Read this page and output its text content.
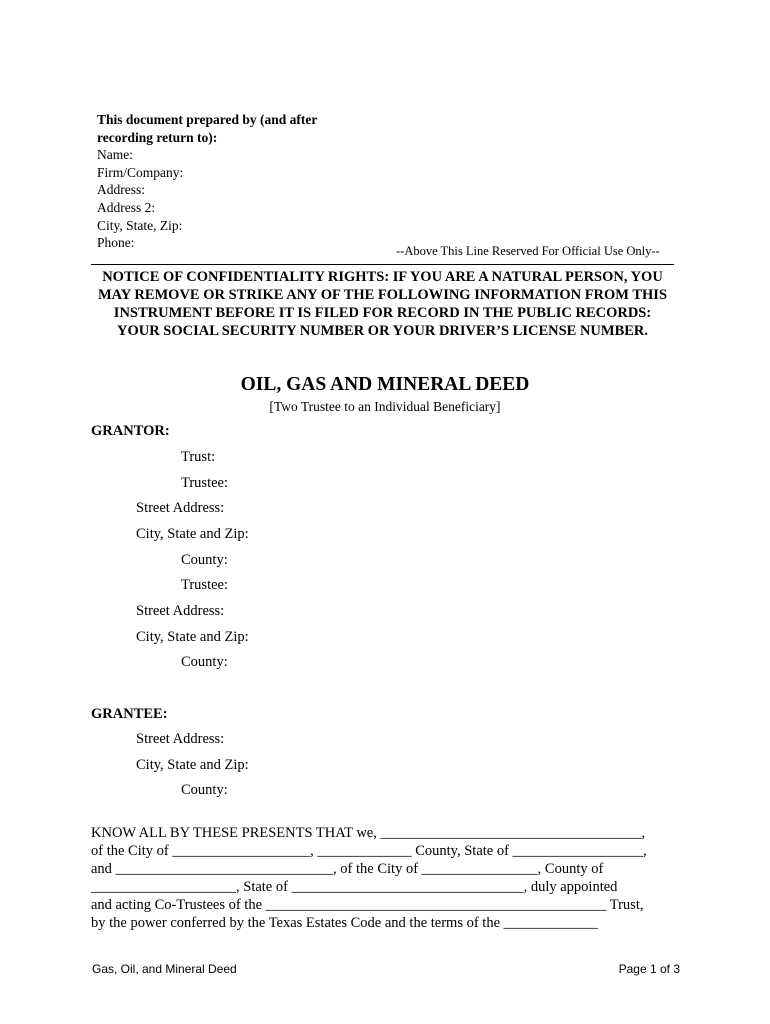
This document prepared by (and after
recording return to):
Name:
Firm/Company:
Address:
Address 2:
City, State, Zip:
Phone:
--Above This Line Reserved For Official Use Only--
NOTICE OF CONFIDENTIALITY RIGHTS: IF YOU ARE A NATURAL PERSON, YOU MAY REMOVE OR STRIKE ANY OF THE FOLLOWING INFORMATION FROM THIS INSTRUMENT BEFORE IT IS FILED FOR RECORD IN THE PUBLIC RECORDS: YOUR SOCIAL SECURITY NUMBER OR YOUR DRIVER’S LICENSE NUMBER.
OIL, GAS AND MINERAL DEED
[Two Trustee to an Individual Beneficiary]
GRANTOR:
Trust:
Trustee:
Street Address:
City, State and Zip:
County:
Trustee:
Street Address:
City, State and Zip:
County:
GRANTEE:
Street Address:
City, State and Zip:
County:
KNOW ALL BY THESE PRESENTS THAT we, ____________________________________,
of the City of ___________________, _____________ County, State of __________________,
and ______________________________, of the City of ________________, County of
____________________, State of ________________________________, duly appointed
and acting Co-Trustees of the _______________________________________________ Trust,
by the power conferred by the Texas Estates Code and the terms of the _____________
Gas, Oil, and Mineral Deed	Page 1 of 3
